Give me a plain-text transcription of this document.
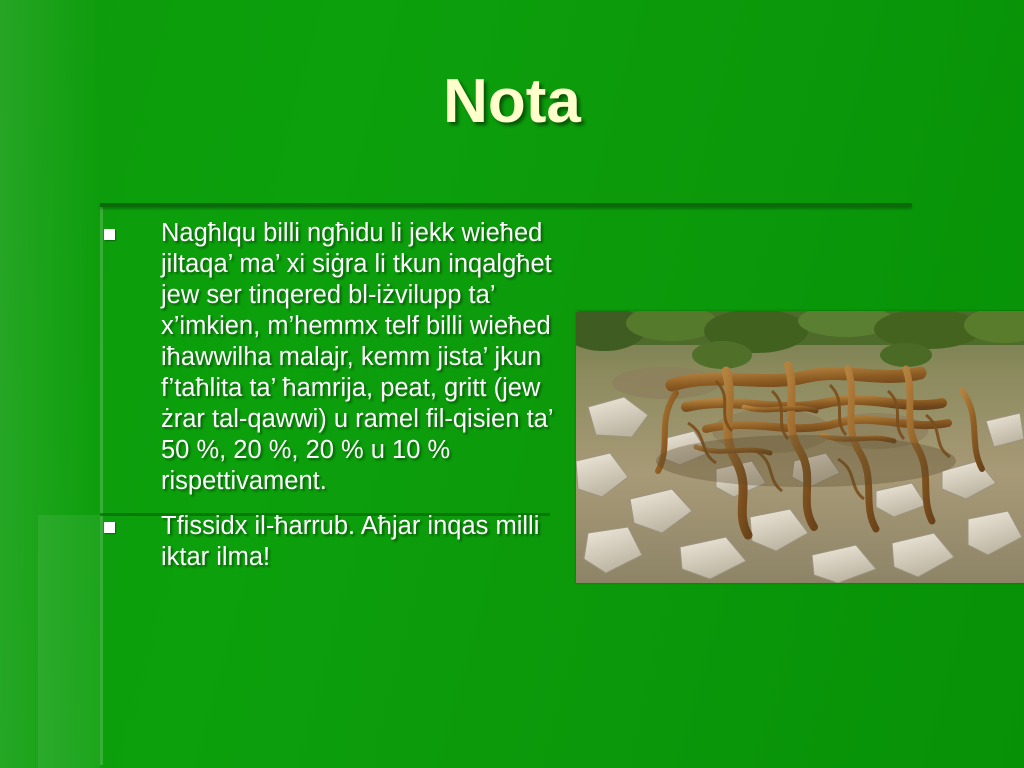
Nota
Nagħlqu billi ngħidu li jekk wieħed jiltaqa’ ma’ xi siġra li tkun inqalgħet jew ser tinqered bl-iżvilupp ta’ x’imkien, m’hemmx telf billi wieħed iħawwilha malajr, kemm jista’ jkun f’taħlita ta’ ħamrija, peat, gritt (jew żrar tal-qawwi) u ramel fil-qisien ta’ 50 %, 20 %, 20 % u 10 % rispettivament.
Tfissidx il-ħarrub. Aħjar inqas milli iktar ilma!
